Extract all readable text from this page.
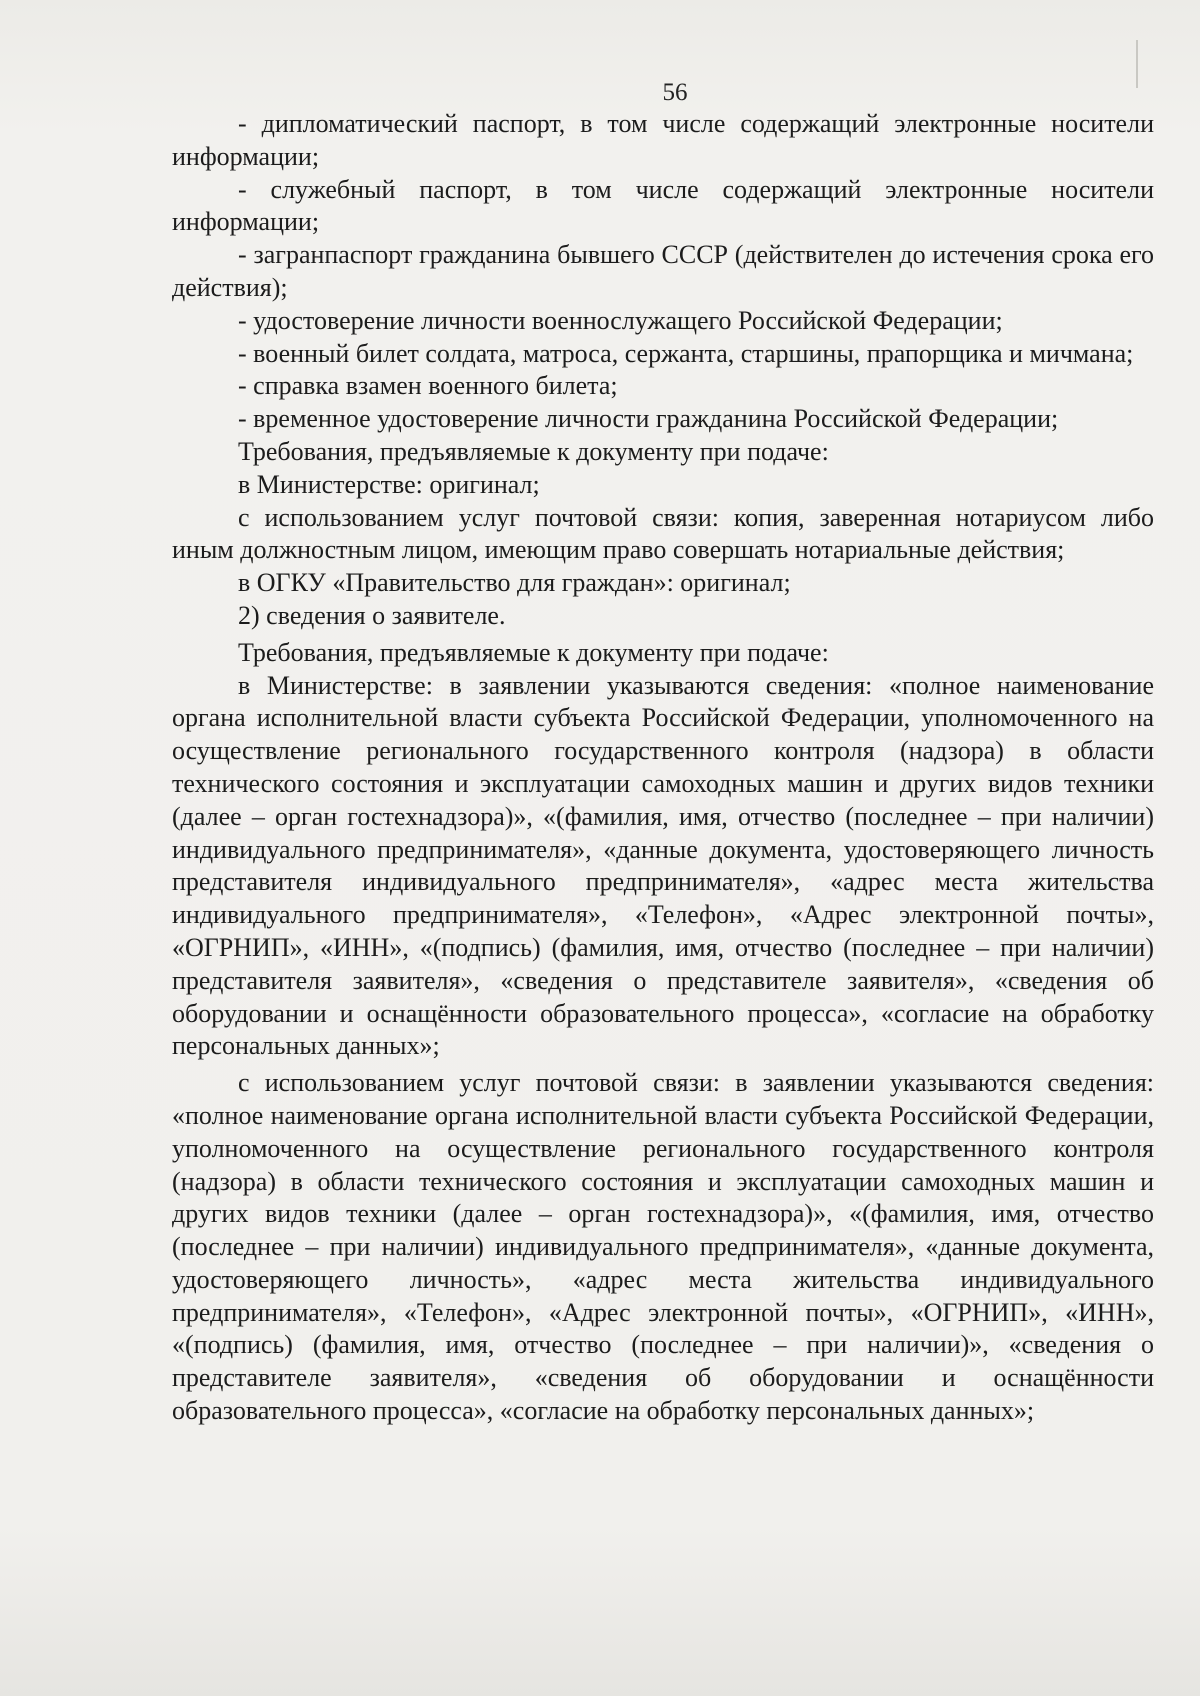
56

- дипломатический паспорт, в том числе содержащий электронные носители информации;

- служебный паспорт, в том числе содержащий электронные носители информации;

- загранпаспорт гражданина бывшего СССР (действителен до истечения срока его действия);

- удостоверение личности военнослужащего Российской Федерации;

- военный билет солдата, матроса, сержанта, старшины, прапорщика и мичмана;

- справка взамен военного билета;

- временное удостоверение личности гражданина Российской Федерации;

Требования, предъявляемые к документу при подаче:

в Министерстве: оригинал;

с использованием услуг почтовой связи: копия, заверенная нотариусом либо иным должностным лицом, имеющим право совершать нотариальные действия;

в ОГКУ «Правительство для граждан»: оригинал;

2) сведения о заявителе.

Требования, предъявляемые к документу при подаче:

в Министерстве: в заявлении указываются сведения: «полное наименование органа исполнительной власти субъекта Российской Федерации, уполномоченного на осуществление регионального государственного контроля (надзора) в области технического состояния и эксплуатации самоходных машин и других видов техники (далее – орган гостехнадзора)», «(фамилия, имя, отчество (последнее – при наличии) индивидуального предпринимателя», «данные документа, удостоверяющего личность представителя индивидуального предпринимателя», «адрес места жительства индивидуального предпринимателя», «Телефон», «Адрес электронной почты», «ОГРНИП», «ИНН», «(подпись) (фамилия, имя, отчество (последнее – при наличии) представителя заявителя», «сведения о представителе заявителя», «сведения об оборудовании и оснащённости образовательного процесса», «согласие на обработку персональных данных»;

с использованием услуг почтовой связи: в заявлении указываются сведения: «полное наименование органа исполнительной власти субъекта Российской Федерации, уполномоченного на осуществление регионального государственного контроля (надзора) в области технического состояния и эксплуатации самоходных машин и других видов техники (далее – орган гостехнадзора)», «(фамилия, имя, отчество (последнее – при наличии) индивидуального предпринимателя», «данные документа, удостоверяющего личность», «адрес места жительства индивидуального предпринимателя», «Телефон», «Адрес электронной почты», «ОГРНИП», «ИНН», «(подпись) (фамилия, имя, отчество (последнее – при наличии)», «сведения о представителе заявителя», «сведения об оборудовании и оснащённости образовательного процесса», «согласие на обработку персональных данных»;
